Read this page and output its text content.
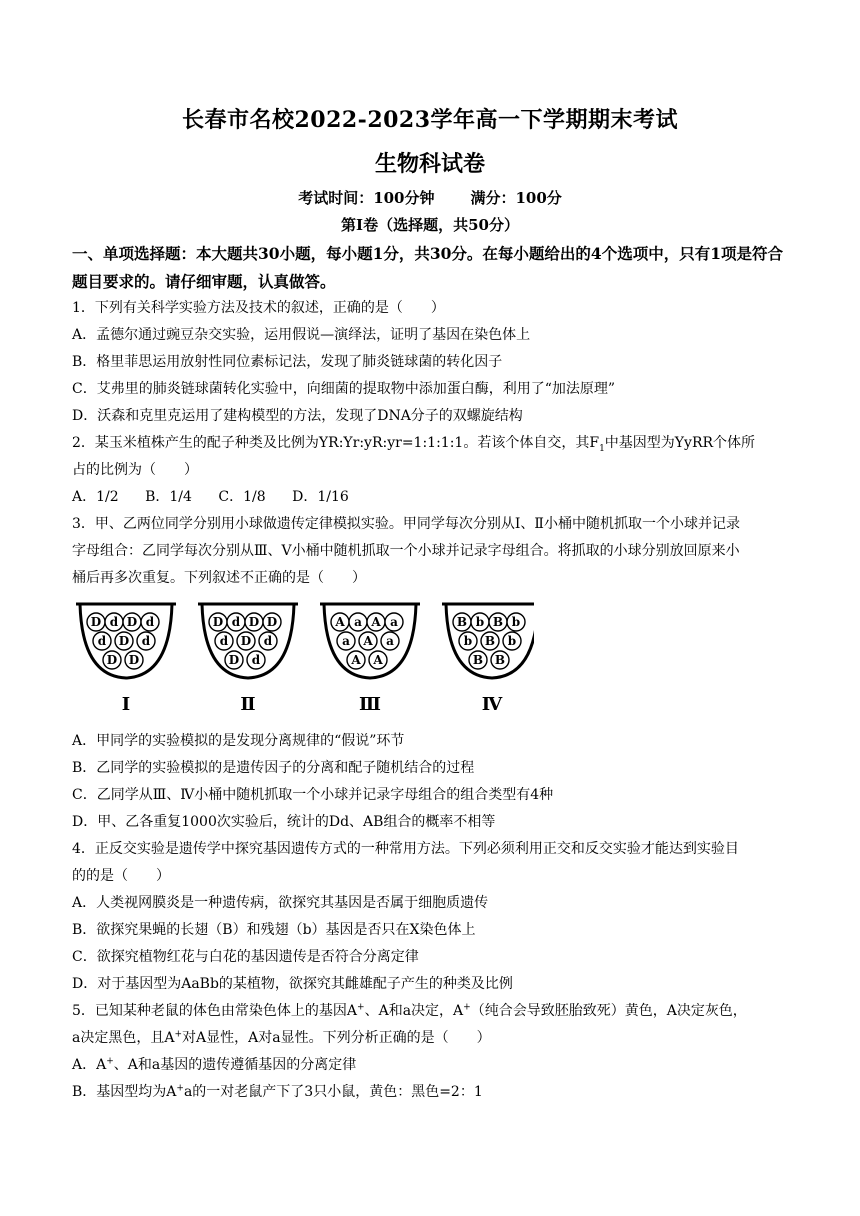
长春市名校2022-2023学年高一下学期期末考试
生物科试卷
考试时间：100分钟 满分：100分
第Ⅰ卷（选择题，共50分）
一、单项选择题：本大题共30小题，每小题1分，共30分。在每小题给出的4个选项中，只有1项是符合题目要求的。请仔细审题，认真做答。
1．下列有关科学实验方法及技术的叙述，正确的是（　　）
A．孟德尔通过豌豆杂交实验，运用假说—演绎法，证明了基因在染色体上
B．格里菲思运用放射性同位素标记法，发现了肺炎链球菌的转化因子
C．艾弗里的肺炎链球菌转化实验中，向细菌的提取物中添加蛋白酶，利用了“加法原理”
D．沃森和克里克运用了建构模型的方法，发现了DNA分子的双螺旋结构
2．某玉米植株产生的配子种类及比例为YR:Yr:yR:yr=1:1:1:1。若该个体自交，其$F_1$中基因型为YyRR个体所
占的比例为（　　）
A．1/2 B．1/4 C．1/8 D．1/16
3．甲、乙两位同学分别用小球做遗传定律模拟实验。甲同学每次分别从Ⅰ、Ⅱ小桶中随机抓取一个小球并记录
字母组合：乙同学每次分别从Ⅲ、Ⅴ小桶中随机抓取一个小球并记录字母组合。将抓取的小球分别放回原来小
桶后再多次重复。下列叙述不正确的是（　　）
D d D d
d D d
D D
Ⅰ
D d D D
d D d
D d
Ⅱ
A a A a
a A a
A A
Ⅲ
B b B b
b B b
B B
Ⅳ
A．甲同学的实验模拟的是发现分离规律的“假说”环节
B．乙同学的实验模拟的是遗传因子的分离和配子随机结合的过程
C．乙同学从Ⅲ、Ⅳ小桶中随机抓取一个小球并记录字母组合的组合类型有4种
D．甲、乙各重复1000次实验后，统计的Dd、AB组合的概率不相等
4．正反交实验是遗传学中探究基因遗传方式的一种常用方法。下列必须利用正交和反交实验才能达到实验目
的的是（　　）
A．人类视网膜炎是一种遗传病，欲探究其基因是否属于细胞质遗传
B．欲探究果蝇的长翅（B）和残翅（b）基因是否只在X染色体上
C．欲探究植物红花与白花的基因遗传是否符合分离定律
D．对于基因型为AaBb的某植物，欲探究其雌雄配子产生的种类及比例
5．已知某种老鼠的体色由常染色体上的基因A+、A和a决定，A+（纯合会导致胚胎致死）黄色，A决定灰色，
a决定黑色，且A+对A显性，A对a显性。下列分析正确的是（　　）
A．A+、A和a基因的遗传遵循基因的分离定律
B．基因型均为A+a的一对老鼠产下了3只小鼠，黄色：黑色=2：1
